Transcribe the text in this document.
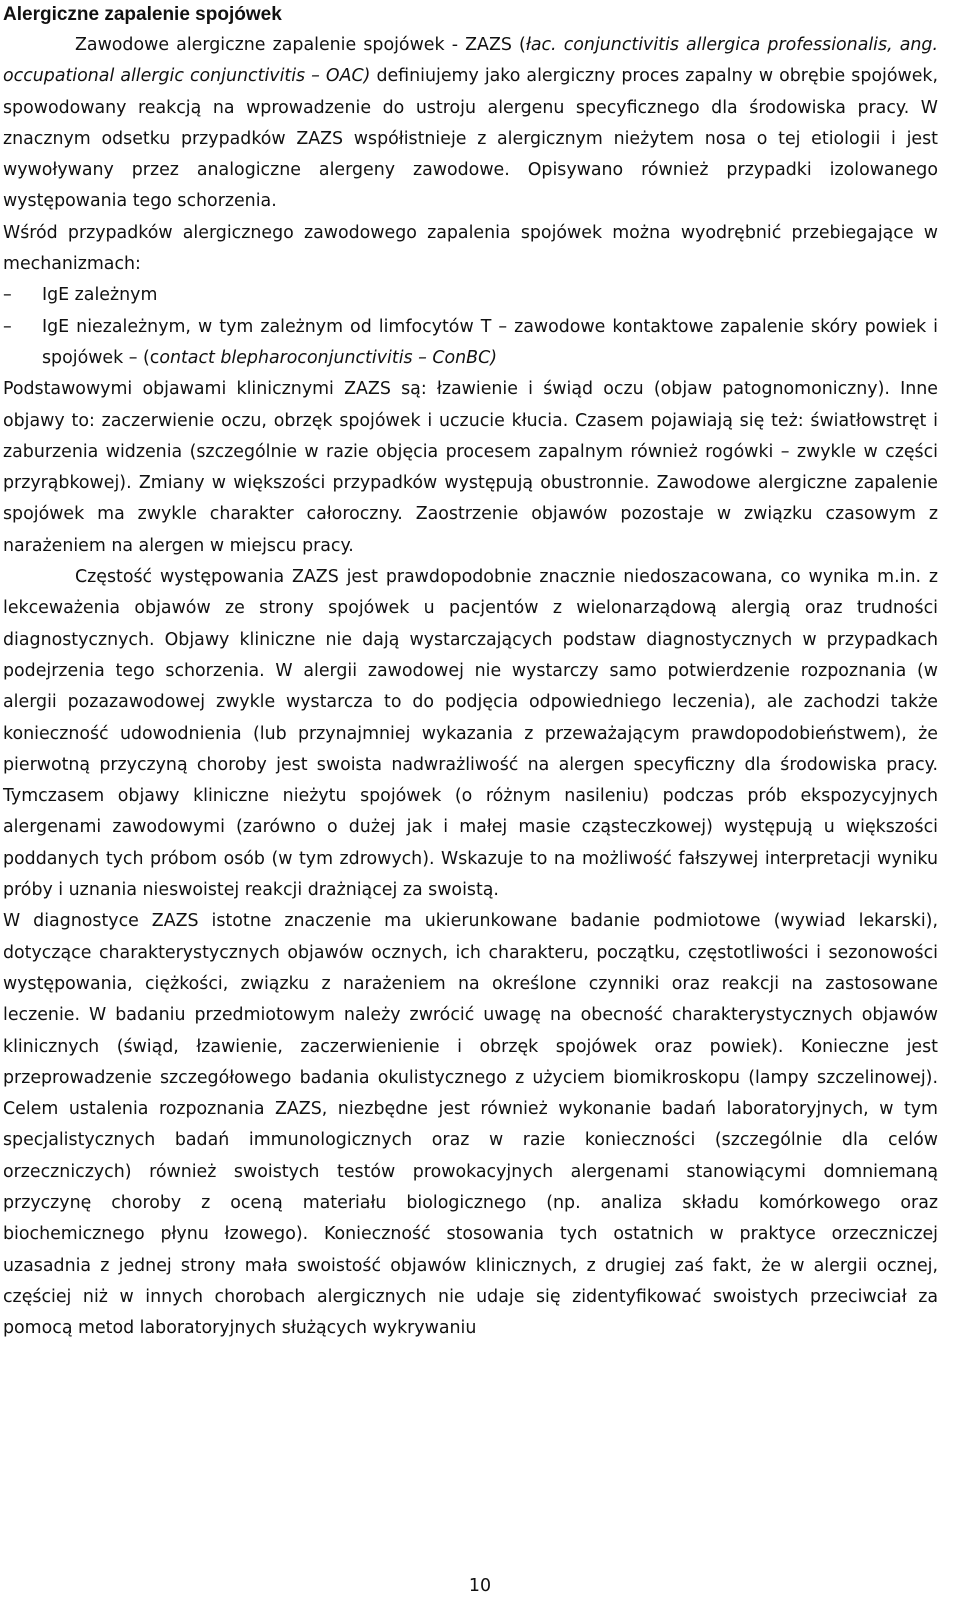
Alergiczne zapalenie spojówek

Zawodowe alergiczne zapalenie spojówek - ZAZS (łac. conjunctivitis allergica professionalis, ang. occupational allergic conjunctivitis – OAC) definiujemy jako alergiczny proces zapalny w obrębie spojówek, spowodowany reakcją na wprowadzenie do ustroju alergenu specyficznego dla środowiska pracy. W znacznym odsetku przypadków ZAZS współistnieje z alergicznym nieżytem nosa o tej etiologii i jest wywoływany przez analogiczne alergeny zawodowe. Opisywano również przypadki izolowanego występowania tego schorzenia.

Wśród przypadków alergicznego zawodowego zapalenia spojówek można wyodrębnić przebiegające w mechanizmach:

– IgE zależnym
– IgE niezależnym, w tym zależnym od limfocytów T – zawodowe kontaktowe zapalenie skóry powiek i spojówek – (contact blepharoconjunctivitis – ConBC)

Podstawowymi objawami klinicznymi ZAZS są: łzawienie i świąd oczu (objaw patognomoniczny). Inne objawy to: zaczerwienie oczu, obrzęk spojówek i uczucie kłucia. Czasem pojawiają się też: światłowstręt i zaburzenia widzenia (szczególnie w razie objęcia procesem zapalnym również rogówki – zwykle w części przyrąbkowej). Zmiany w większości przypadków występują obustronnie. Zawodowe alergiczne zapalenie spojówek ma zwykle charakter całoroczny. Zaostrzenie objawów pozostaje w związku czasowym z narażeniem na alergen w miejscu pracy.

Częstość występowania ZAZS jest prawdopodobnie znacznie niedoszacowana, co wynika m.in. z lekceważenia objawów ze strony spojówek u pacjentów z wielonarządową alergią oraz trudności diagnostycznych. Objawy kliniczne nie dają wystarczających podstaw diagnostycznych w przypadkach podejrzenia tego schorzenia. W alergii zawodowej nie wystarczy samo potwierdzenie rozpoznania (w alergii pozazawodowej zwykle wystarcza to do podjęcia odpowiedniego leczenia), ale zachodzi także konieczność udowodnienia (lub przynajmniej wykazania z przeważającym prawdopodobieństwem), że pierwotną przyczyną choroby jest swoista nadwrażliwość na alergen specyficzny dla środowiska pracy. Tymczasem objawy kliniczne nieżytu spojówek (o różnym nasileniu) podczas prób ekspozycyjnych alergenami zawodowymi (zarówno o dużej jak i małej masie cząsteczkowej) występują u większości poddanych tych próbom osób (w tym zdrowych). Wskazuje to na możliwość fałszywej interpretacji wyniku próby i uznania nieswoistej reakcji drażniącej za swoistą.

W diagnostyce ZAZS istotne znaczenie ma ukierunkowane badanie podmiotowe (wywiad lekarski), dotyczące charakterystycznych objawów ocznych, ich charakteru, początku, częstotliwości i sezonowości występowania, ciężkości, związku z narażeniem na określone czynniki oraz reakcji na zastosowane leczenie. W badaniu przedmiotowym należy zwrócić uwagę na obecność charakterystycznych objawów klinicznych (świąd, łzawienie, zaczerwienienie i obrzęk spojówek oraz powiek). Konieczne jest przeprowadzenie szczegółowego badania okulistycznego z użyciem biomikroskopu (lampy szczelinowej). Celem ustalenia rozpoznania ZAZS, niezbędne jest również wykonanie badań laboratoryjnych, w tym specjalistycznych badań immunologicznych oraz w razie konieczności (szczególnie dla celów orzeczniczych) również swoistych testów prowokacyjnych alergenami stanowiącymi domniemaną przyczynę choroby z oceną materiału biologicznego (np. analiza składu komórkowego oraz biochemicznego płynu łzowego). Konieczność stosowania tych ostatnich w praktyce orzeczniczej uzasadnia z jednej strony mała swoistość objawów klinicznych, z drugiej zaś fakt, że w alergii ocznej, częściej niż w innych chorobach alergicznych nie udaje się zidentyfikować swoistych przeciwciał za pomocą metod laboratoryjnych służących wykrywaniu

10
